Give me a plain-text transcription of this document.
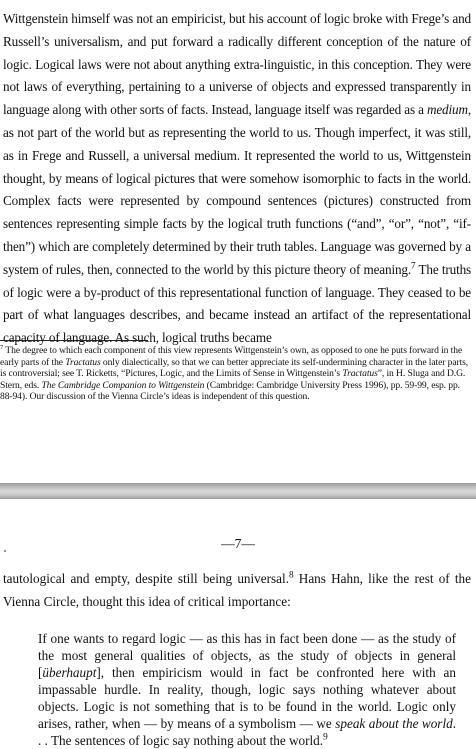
Wittgenstein himself was not an empiricist, but his account of logic broke with Frege’s and Russell’s universalism, and put forward a radically different conception of the nature of logic. Logical laws were not about anything extra-linguistic, in this conception. They were not laws of everything, pertaining to a universe of objects and expressed transparently in language along with other sorts of facts. Instead, language itself was regarded as a medium, as not part of the world but as representing the world to us. Though imperfect, it was still, as in Frege and Russell, a universal medium. It represented the world to us, Wittgenstein thought, by means of logical pictures that were somehow isomorphic to facts in the world. Complex facts were represented by compound sentences (pictures) constructed from sentences representing simple facts by the logical truth functions (“and”, “or”, “not”, “if-then”) which are completely determined by their truth tables. Language was governed by a system of rules, then, connected to the world by this picture theory of meaning.$^7$ The truths of logic were a by-product of this representational function of language. They ceased to be part of what languages describes, and became instead an artifact of the representational capacity of language. As such, logical truths became

$^7$ The degree to which each component of this view represents Wittgenstein’s own, as opposed to one he puts forward in the early parts of the Tractatus only dialectically, so that we can better appreciate its self-undermining character in the later parts, is controversial; see T. Ricketts, “Pictures, Logic, and the Limits of Sense in Wittgenstein’s Tractatus”, in H. Sluga and D.G. Stern, eds. The Cambridge Companion to Wittgenstein (Cambridge: Cambridge University Press 1996), pp. 59-99, esp. pp. 88-94). Our discussion of the Vienna Circle’s ideas is independent of this question.

—7—

tautological and empty, despite still being universal.$^8$ Hans Hahn, like the rest of the Vienna Circle, thought this idea of critical importance:

If one wants to regard logic — as this has in fact been done — as the study of the most general qualities of objects, as the study of objects in general [überhaupt], then empiricism would in fact be confronted here with an impassable hurdle. In reality, though, logic says nothing whatever about objects. Logic is not something that is to be found in the world. Logic only arises, rather, when — by means of a symbolism — we speak about the world. . . The sentences of logic say nothing about the world.$^9$
